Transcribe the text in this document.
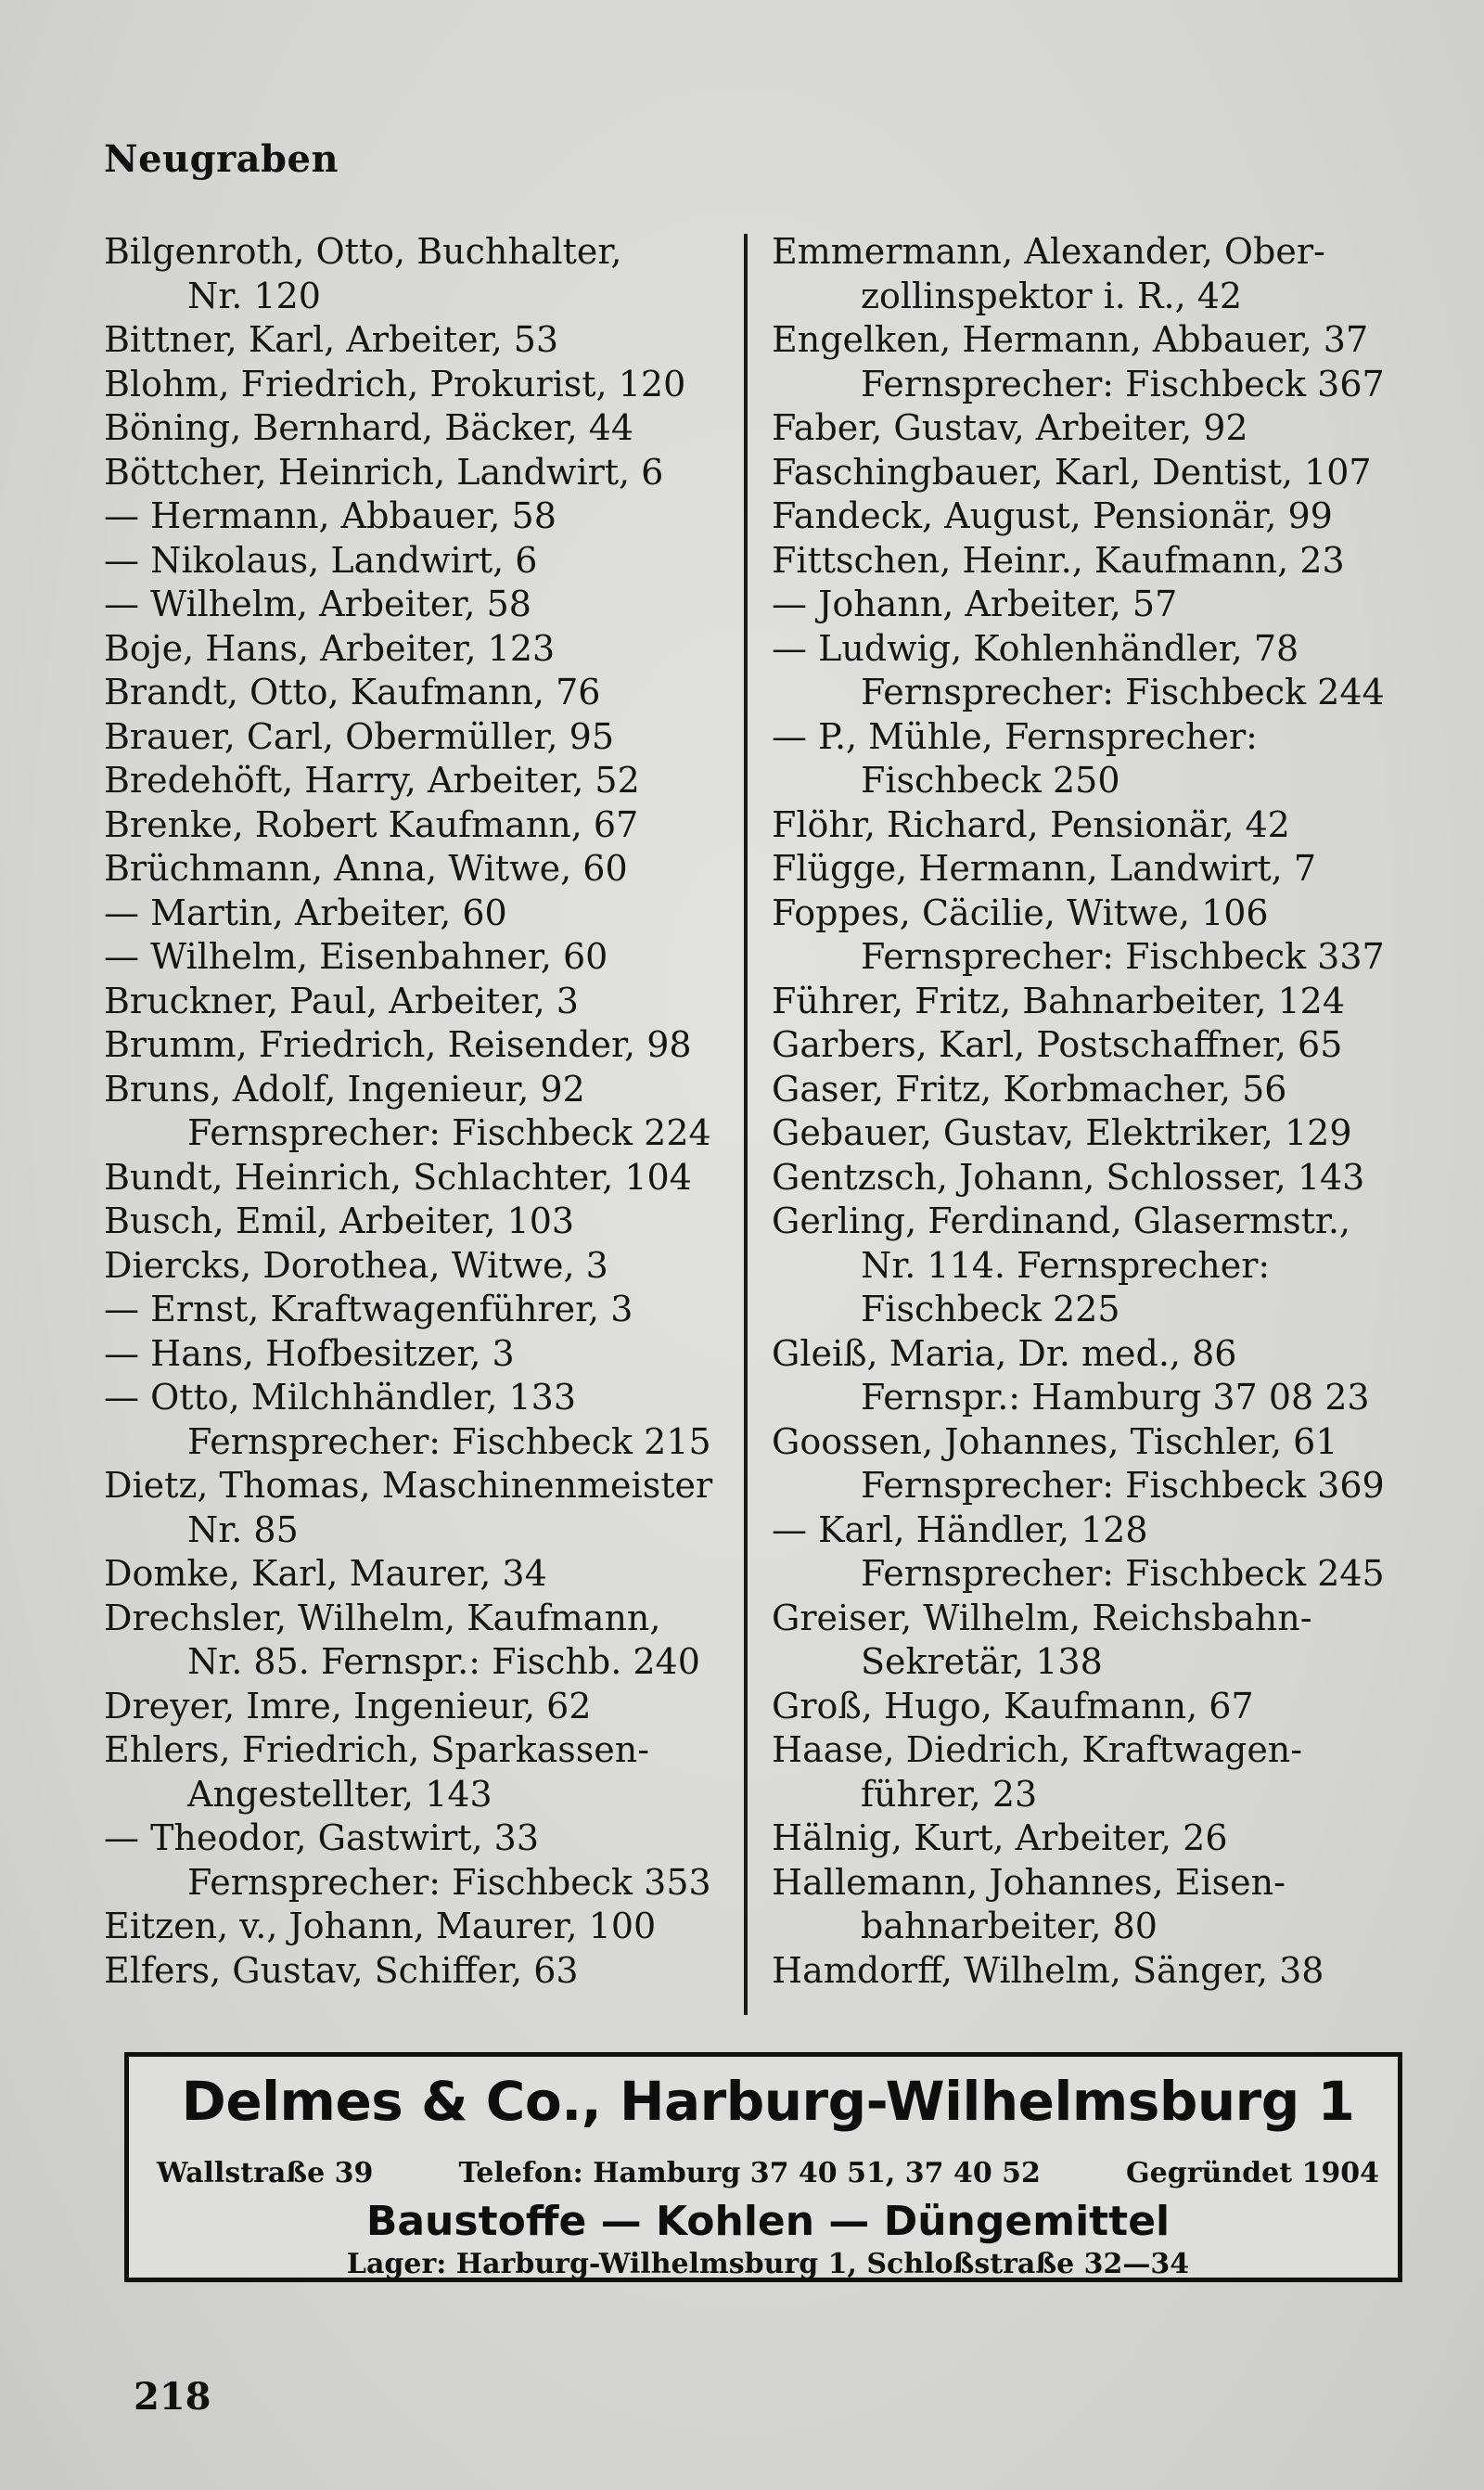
Neugraben
Bilgenroth, Otto, Buchhalter,
Nr. 120
Bittner, Karl, Arbeiter, 53
Blohm, Friedrich, Prokurist, 120
Böning, Bernhard, Bäcker, 44
Böttcher, Heinrich, Landwirt, 6
— Hermann, Abbauer, 58
— Nikolaus, Landwirt, 6
— Wilhelm, Arbeiter, 58
Boje, Hans, Arbeiter, 123
Brandt, Otto, Kaufmann, 76
Brauer, Carl, Obermüller, 95
Bredehöft, Harry, Arbeiter, 52
Brenke, Robert Kaufmann, 67
Brüchmann, Anna, Witwe, 60
— Martin, Arbeiter, 60
— Wilhelm, Eisenbahner, 60
Bruckner, Paul, Arbeiter, 3
Brumm, Friedrich, Reisender, 98
Bruns, Adolf, Ingenieur, 92
Fernsprecher: Fischbeck 224
Bundt, Heinrich, Schlachter, 104
Busch, Emil, Arbeiter, 103
Diercks, Dorothea, Witwe, 3
— Ernst, Kraftwagenführer, 3
— Hans, Hofbesitzer, 3
— Otto, Milchhändler, 133
Fernsprecher: Fischbeck 215
Dietz, Thomas, Maschinenmeister
Nr. 85
Domke, Karl, Maurer, 34
Drechsler, Wilhelm, Kaufmann,
Nr. 85. Fernspr.: Fischb. 240
Dreyer, Imre, Ingenieur, 62
Ehlers, Friedrich, Sparkassen-
Angestellter, 143
— Theodor, Gastwirt, 33
Fernsprecher: Fischbeck 353
Eitzen, v., Johann, Maurer, 100
Elfers, Gustav, Schiffer, 63
Emmermann, Alexander, Ober-
zollinspektor i. R., 42
Engelken, Hermann, Abbauer, 37
Fernsprecher: Fischbeck 367
Faber, Gustav, Arbeiter, 92
Faschingbauer, Karl, Dentist, 107
Fandeck, August, Pensionär, 99
Fittschen, Heinr., Kaufmann, 23
— Johann, Arbeiter, 57
— Ludwig, Kohlenhändler, 78
Fernsprecher: Fischbeck 244
— P., Mühle, Fernsprecher:
Fischbeck 250
Flöhr, Richard, Pensionär, 42
Flügge, Hermann, Landwirt, 7
Foppes, Cäcilie, Witwe, 106
Fernsprecher: Fischbeck 337
Führer, Fritz, Bahnarbeiter, 124
Garbers, Karl, Postschaffner, 65
Gaser, Fritz, Korbmacher, 56
Gebauer, Gustav, Elektriker, 129
Gentzsch, Johann, Schlosser, 143
Gerling, Ferdinand, Glasermstr.,
Nr. 114. Fernsprecher:
Fischbeck 225
Gleiß, Maria, Dr. med., 86
Fernspr.: Hamburg 37 08 23
Goossen, Johannes, Tischler, 61
Fernsprecher: Fischbeck 369
— Karl, Händler, 128
Fernsprecher: Fischbeck 245
Greiser, Wilhelm, Reichsbahn-
Sekretär, 138
Groß, Hugo, Kaufmann, 67
Haase, Diedrich, Kraftwagen-
führer, 23
Hälnig, Kurt, Arbeiter, 26
Hallemann, Johannes, Eisen-
bahnarbeiter, 80
Hamdorff, Wilhelm, Sänger, 38
Delmes & Co., Harburg-Wilhelmsburg 1
Wallstraße 39	Telefon: Hamburg 37 40 51, 37 40 52	Gegründet 1904
Baustoffe — Kohlen — Düngemittel
Lager: Harburg-Wilhelmsburg 1, Schloßstraße 32—34
218
